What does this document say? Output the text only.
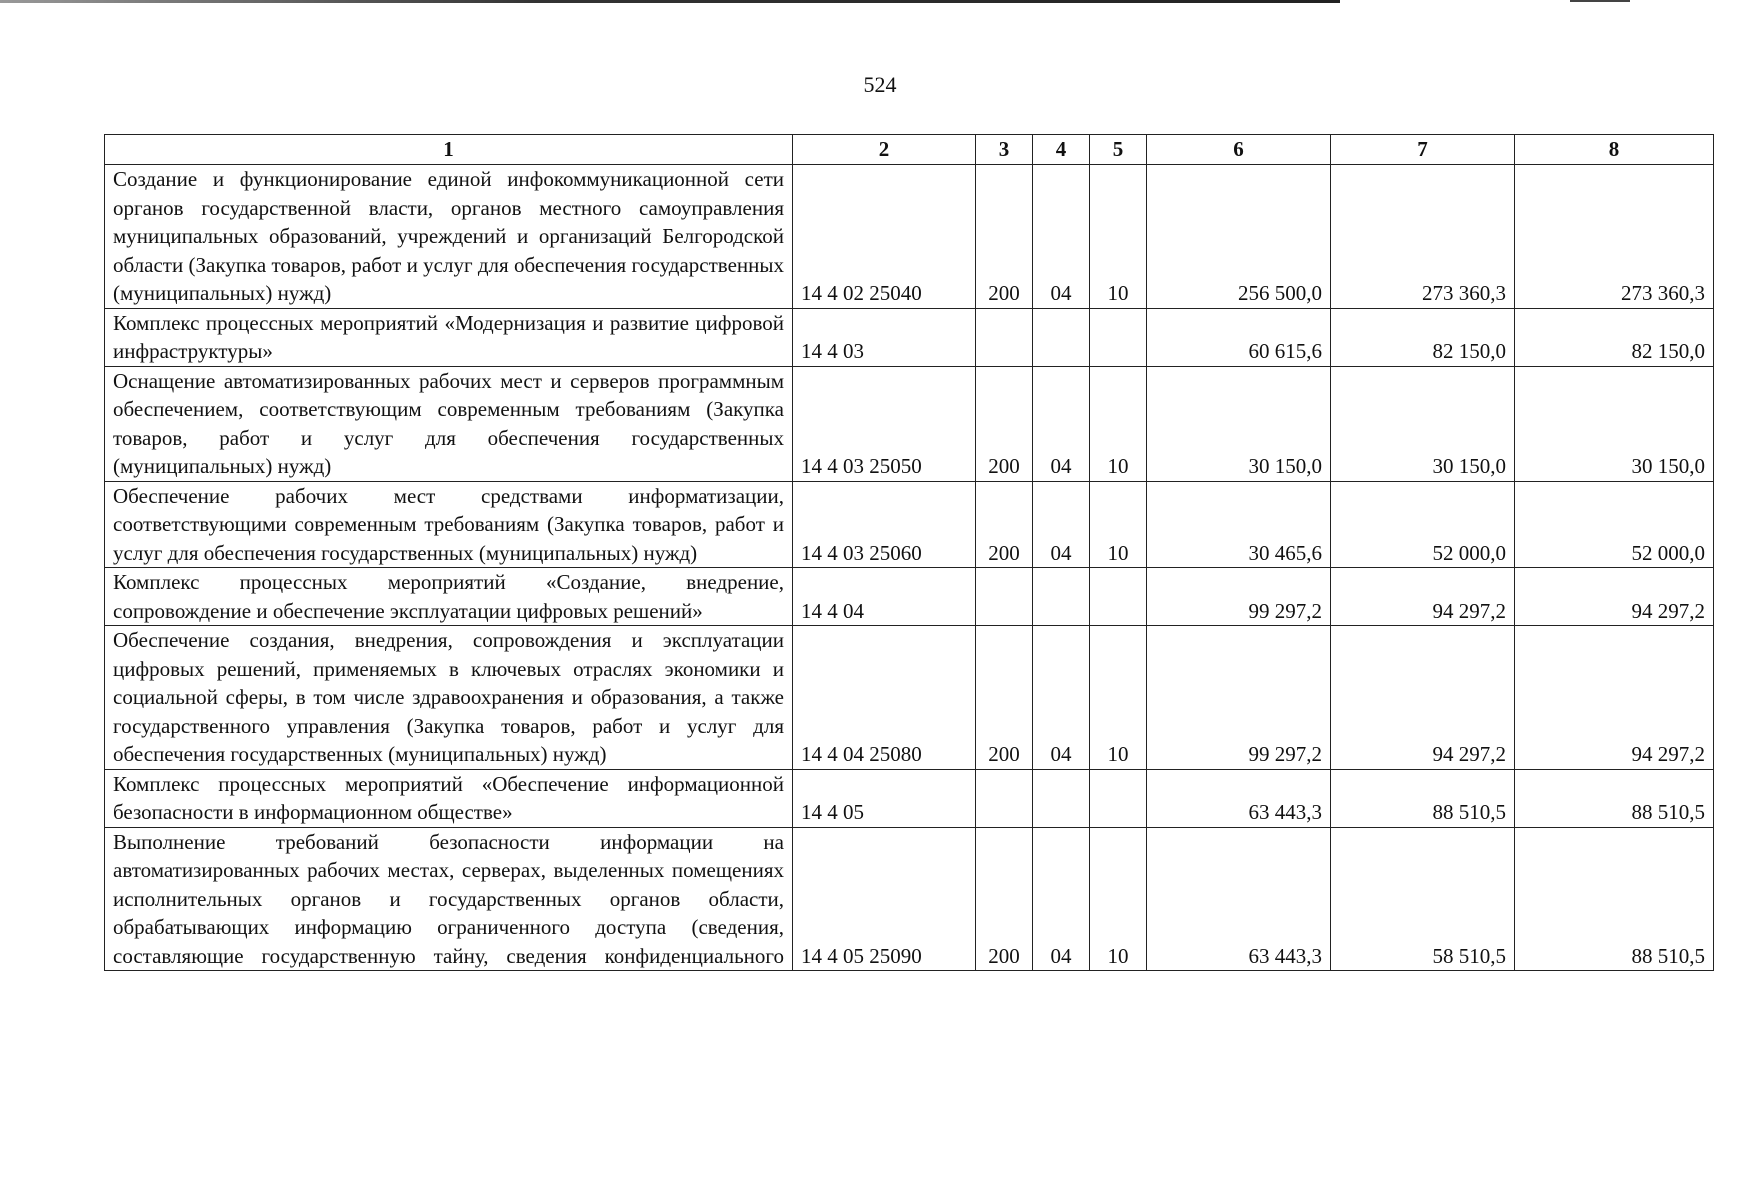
524
1	2	3	4	5	6	7	8
Создание и функционирование единой инфокоммуникационной сети органов государственной власти, органов местного самоуправления муниципальных образований, учреждений и организаций Белгородской области (Закупка товаров, работ и услуг для обеспечения государственных (муниципальных) нужд)	14 4 02 25040	200	04	10	256 500,0	273 360,3	273 360,3
Комплекс процессных мероприятий «Модернизация и развитие цифровой инфраструктуры»	14 4 03				60 615,6	82 150,0	82 150,0
Оснащение автоматизированных рабочих мест и серверов программным обеспечением, соответствующим современным требованиям (Закупка товаров, работ и услуг для обеспечения государственных (муниципальных) нужд)	14 4 03 25050	200	04	10	30 150,0	30 150,0	30 150,0
Обеспечение рабочих мест средствами информатизации, соответствующими современным требованиям (Закупка товаров, работ и услуг для обеспечения государственных (муниципальных) нужд)	14 4 03 25060	200	04	10	30 465,6	52 000,0	52 000,0
Комплекс процессных мероприятий «Создание, внедрение, сопровождение и обеспечение эксплуатации цифровых решений»	14 4 04				99 297,2	94 297,2	94 297,2
Обеспечение создания, внедрения, сопровождения и эксплуатации цифровых решений, применяемых в ключевых отраслях экономики и социальной сферы, в том числе здравоохранения и образования, а также государственного управления (Закупка товаров, работ и услуг для обеспечения государственных (муниципальных) нужд)	14 4 04 25080	200	04	10	99 297,2	94 297,2	94 297,2
Комплекс процессных мероприятий «Обеспечение информационной безопасности в информационном обществе»	14 4 05				63 443,3	88 510,5	88 510,5
Выполнение требований безопасности информации на автоматизированных рабочих местах, серверах, выделенных помещениях исполнительных органов и государственных органов области, обрабатывающих информацию ограниченного доступа (сведения, составляющие государственную тайну, сведения конфиденциального	14 4 05 25090	200	04	10	63 443,3	58 510,5	88 510,5
